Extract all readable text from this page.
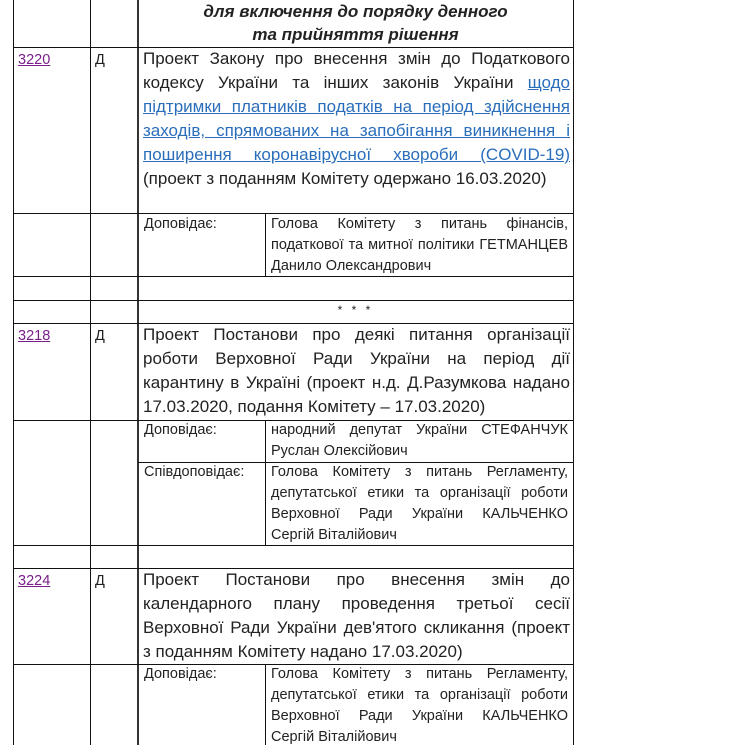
для включення до порядку денного
та прийняття рішення
3220	Д Проект Закону про внесення змін до Податкового кодексу України та інших законів України щодо підтримки платників податків на період здійснення заходів, спрямованих на запобігання виникнення і поширення коронавірусної хвороби (COVID-19) (проект з поданням Комітету одержано 16.03.2020)
Доповідає:	Голова Комітету з питань фінансів, податкової та митної політики ГЕТМАНЦЕВ Данило Олександрович
* * *
3218	Д Проект Постанови про деякі питання організації роботи Верховної Ради України на період дії карантину в Україні (проект н.д. Д.Разумкова надано 17.03.2020, подання Комітету – 17.03.2020)
Доповідає:	народний депутат України СТЕФАНЧУК Руслан Олексійович
Співдоповідає: Голова Комітету з питань Регламенту, депутатської етики та організації роботи Верховної Ради України КАЛЬЧЕНКО Сергій Віталійович
3224	Д Проект Постанови про внесення змін до календарного плану проведення третьої сесії Верховної Ради України дев'ятого скликання (проект з поданням Комітету надано 17.03.2020)
Доповідає:	Голова Комітету з питань Регламенту, депутатської етики та організації роботи Верховної Ради України КАЛЬЧЕНКО Сергій Віталійович
